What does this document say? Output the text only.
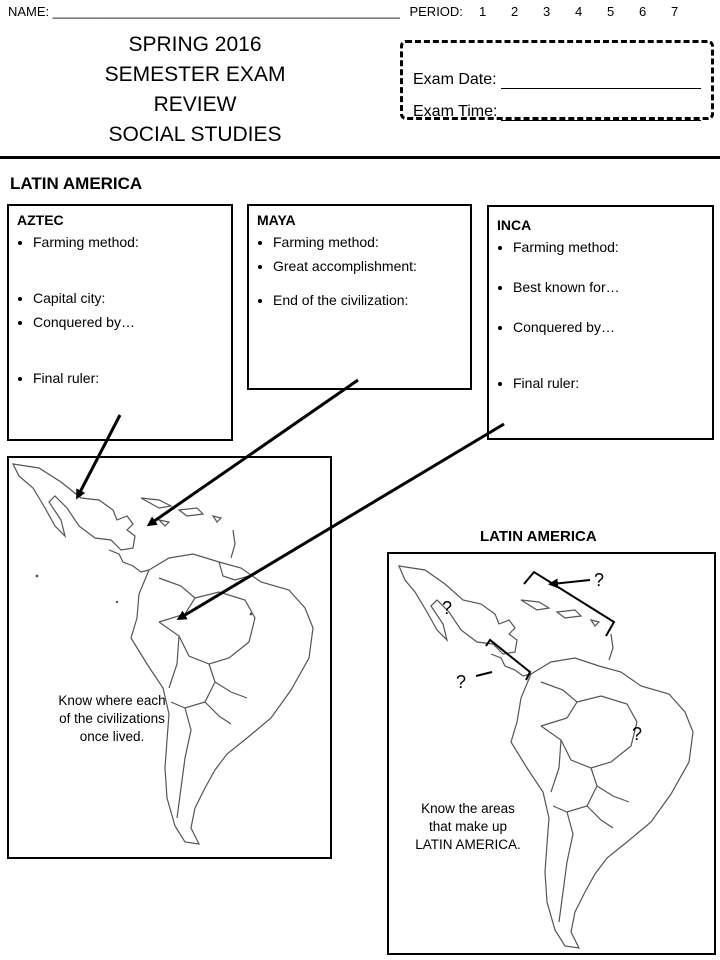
NAME: ________________________________________________ PERIOD: 1 2 3 4 5 6 7
SPRING 2016
SEMESTER EXAM
REVIEW
SOCIAL STUDIES
Exam Date:
Exam Time:
LATIN AMERICA
AZTEC
• Farming method:
• Capital city:
• Conquered by…
• Final ruler:
MAYA
• Farming method:
• Great accomplishment:
• End of the civilization:
INCA
• Farming method:
• Best known for…
• Conquered by…
• Final ruler:
Know where each
of the civilizations
once lived.
LATIN AMERICA
?
?
?
?
Know the areas
that make up
LATIN AMERICA.
